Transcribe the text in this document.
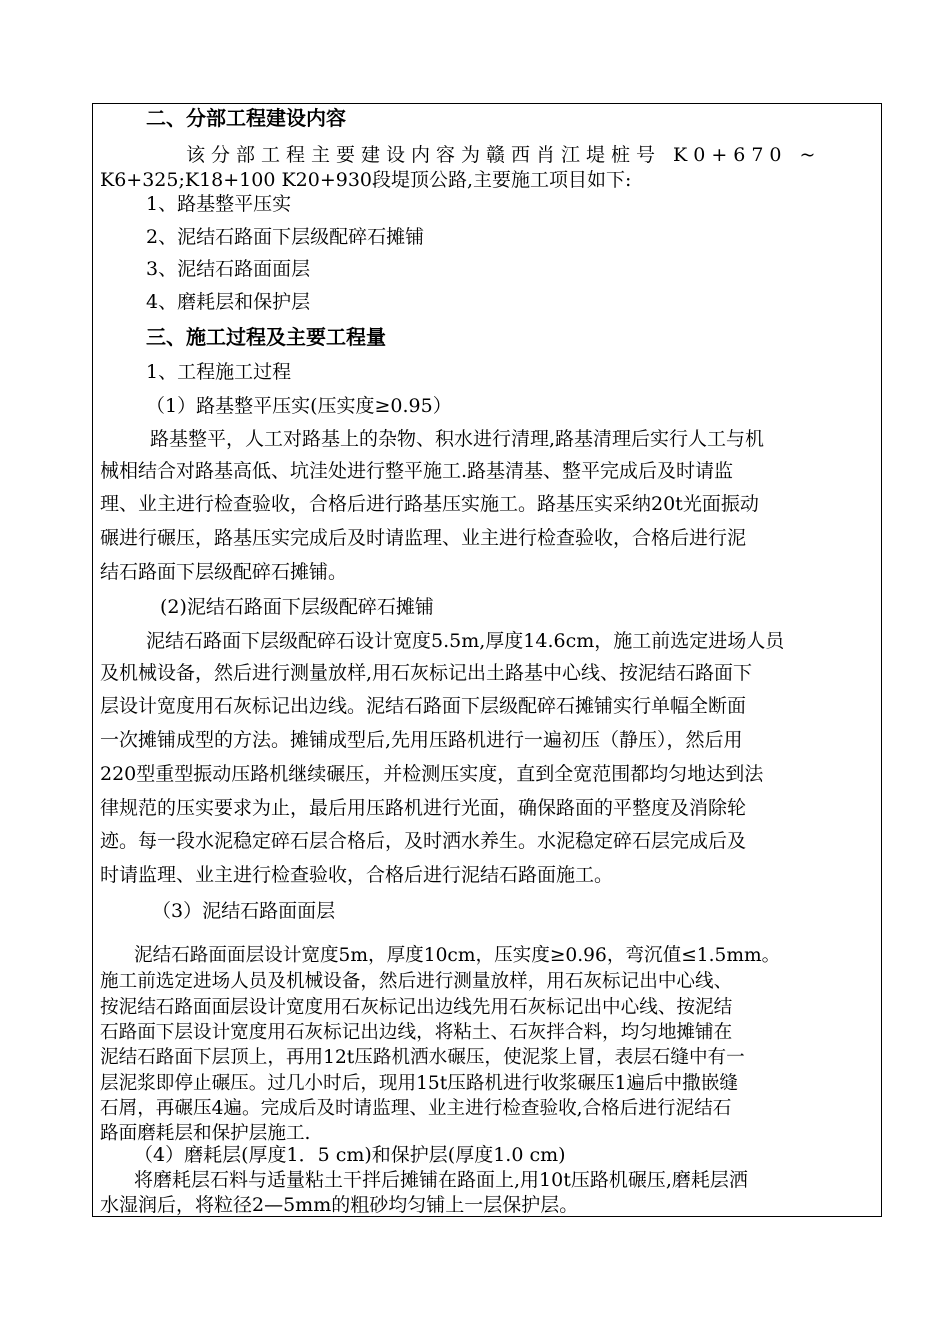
二、分部工程建设内容
该分部工程主要建设内容为赣西肖江堤桩号 K0+670 ~
K6+325;K18+100 K20+930段堤顶公路,主要施工项目如下:
1、路基整平压实
2、泥结石路面下层级配碎石摊铺
3、泥结石路面面层
4、磨耗层和保护层
三、施工过程及主要工程量
1、工程施工过程
（1）路基整平压实(压实度≥0.95）
路基整平，人工对路基上的杂物、积水进行清理,路基清理后实行人工与机
械相结合对路基高低、坑洼处进行整平施工.路基清基、整平完成后及时请监
理、业主进行检查验收，合格后进行路基压实施工。路基压实采纳20t光面振动
碾进行碾压，路基压实完成后及时请监理、业主进行检查验收，合格后进行泥
结石路面下层级配碎石摊铺。
(2)泥结石路面下层级配碎石摊铺
泥结石路面下层级配碎石设计宽度5.5m,厚度14.6cm，施工前选定进场人员
及机械设备，然后进行测量放样,用石灰标记出土路基中心线、按泥结石路面下
层设计宽度用石灰标记出边线。泥结石路面下层级配碎石摊铺实行单幅全断面
一次摊铺成型的方法。摊铺成型后,先用压路机进行一遍初压（静压），然后用
220型重型振动压路机继续碾压，并检测压实度，直到全宽范围都均匀地达到法
律规范的压实要求为止，最后用压路机进行光面，确保路面的平整度及消除轮
迹。每一段水泥稳定碎石层合格后，及时洒水养生。水泥稳定碎石层完成后及
时请监理、业主进行检查验收，合格后进行泥结石路面施工。
（3）泥结石路面面层
泥结石路面面层设计宽度5m，厚度10cm，压实度≥0.96，弯沉值≤1.5mm。
施工前选定进场人员及机械设备，然后进行测量放样，用石灰标记出中心线、
按泥结石路面面层设计宽度用石灰标记出边线先用石灰标记出中心线、按泥结
石路面下层设计宽度用石灰标记出边线，将粘土、石灰拌合料，均匀地摊铺在
泥结石路面下层顶上，再用12t压路机洒水碾压，使泥浆上冒，表层石缝中有一
层泥浆即停止碾压。过几小时后，现用15t压路机进行收浆碾压1遍后中撒嵌缝
石屑，再碾压4遍。完成后及时请监理、业主进行检查验收,合格后进行泥结石
路面磨耗层和保护层施工.
（4）磨耗层(厚度1．5 cm)和保护层(厚度1.0 cm)
将磨耗层石料与适量粘土干拌后摊铺在路面上,用10t压路机碾压,磨耗层洒
水湿润后，将粒径2—5mm的粗砂均匀铺上一层保护层。
